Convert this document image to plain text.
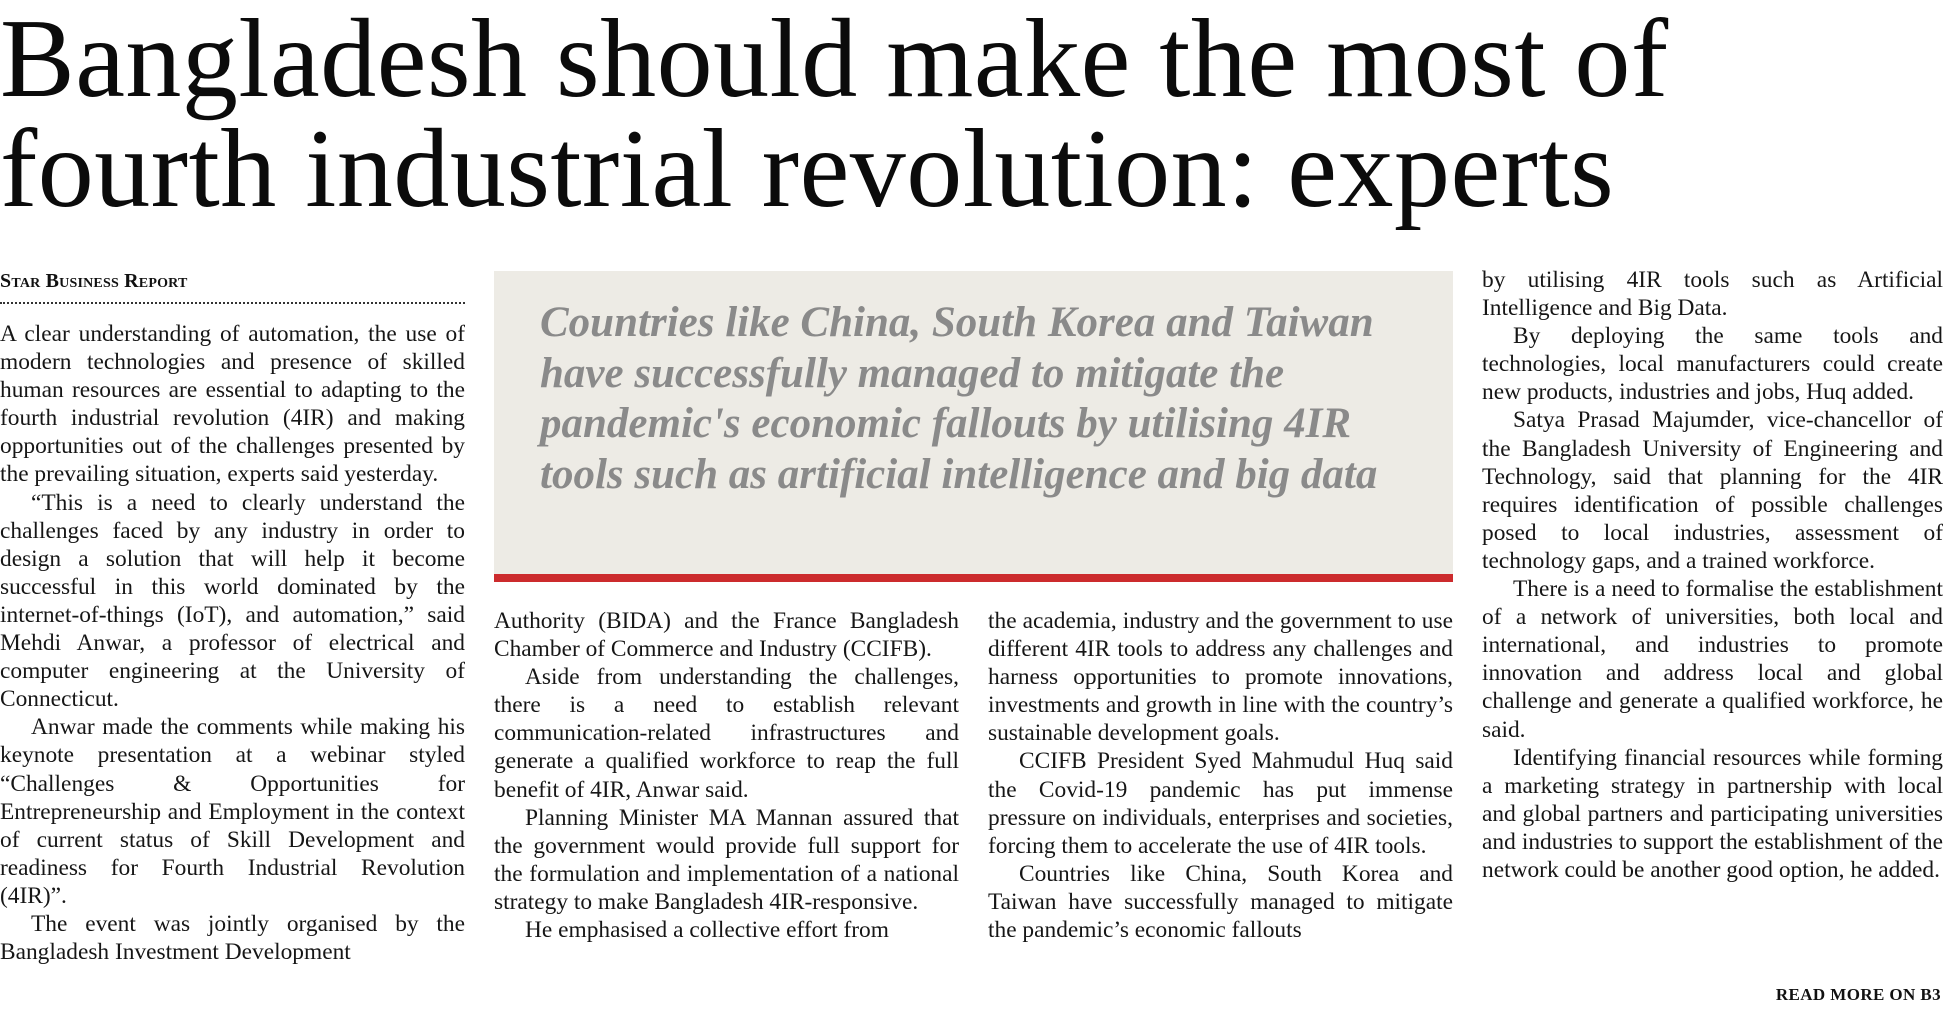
Bangladesh should make the most of
fourth industrial revolution: experts
Star Business Report

A clear understanding of automation, the use of modern technologies and presence of skilled human resources are essential to adapting to the fourth industrial revolution (4IR) and making opportunities out of the challenges presented by the prevailing situation, experts said yesterday.

“This is a need to clearly understand the challenges faced by any industry in order to design a solution that will help it become successful in this world dominated by the internet-of-things (IoT), and automation,” said Mehdi Anwar, a professor of electrical and computer engineering at the University of Connecticut.

Anwar made the comments while making his keynote presentation at a webinar styled “Challenges & Opportunities for Entrepreneurship and Employment in the context of current status of Skill Development and readiness for Fourth Industrial Revolution (4IR)”.

The event was jointly organised by the Bangladesh Investment Development

Countries like China, South Korea and Taiwan have successfully managed to mitigate the pandemic's economic fallouts by utilising 4IR tools such as artificial intelligence and big data

Authority (BIDA) and the France Bangladesh Chamber of Commerce and Industry (CCIFB).

Aside from understanding the challenges, there is a need to establish relevant communication-related infrastructures and generate a qualified workforce to reap the full benefit of 4IR, Anwar said.

Planning Minister MA Mannan assured that the government would provide full support for the formulation and implementation of a national strategy to make Bangladesh 4IR-responsive.

He emphasised a collective effort from

the academia, industry and the government to use different 4IR tools to address any challenges and harness opportunities to promote innovations, investments and growth in line with the country’s sustainable development goals.

CCIFB President Syed Mahmudul Huq said the Covid-19 pandemic has put immense pressure on individuals, enterprises and societies, forcing them to accelerate the use of 4IR tools.

Countries like China, South Korea and Taiwan have successfully managed to mitigate the pandemic’s economic fallouts

by utilising 4IR tools such as Artificial Intelligence and Big Data.

By deploying the same tools and technologies, local manufacturers could create new products, industries and jobs, Huq added.

Satya Prasad Majumder, vice-chancellor of the Bangladesh University of Engineering and Technology, said that planning for the 4IR requires identification of possible challenges posed to local industries, assessment of technology gaps, and a trained workforce.

There is a need to formalise the establishment of a network of universities, both local and international, and industries to promote innovation and address local and global challenge and generate a qualified workforce, he said.

Identifying financial resources while forming a marketing strategy in partnership with local and global partners and participating universities and industries to support the establishment of the network could be another good option, he added.

READ MORE ON B3
